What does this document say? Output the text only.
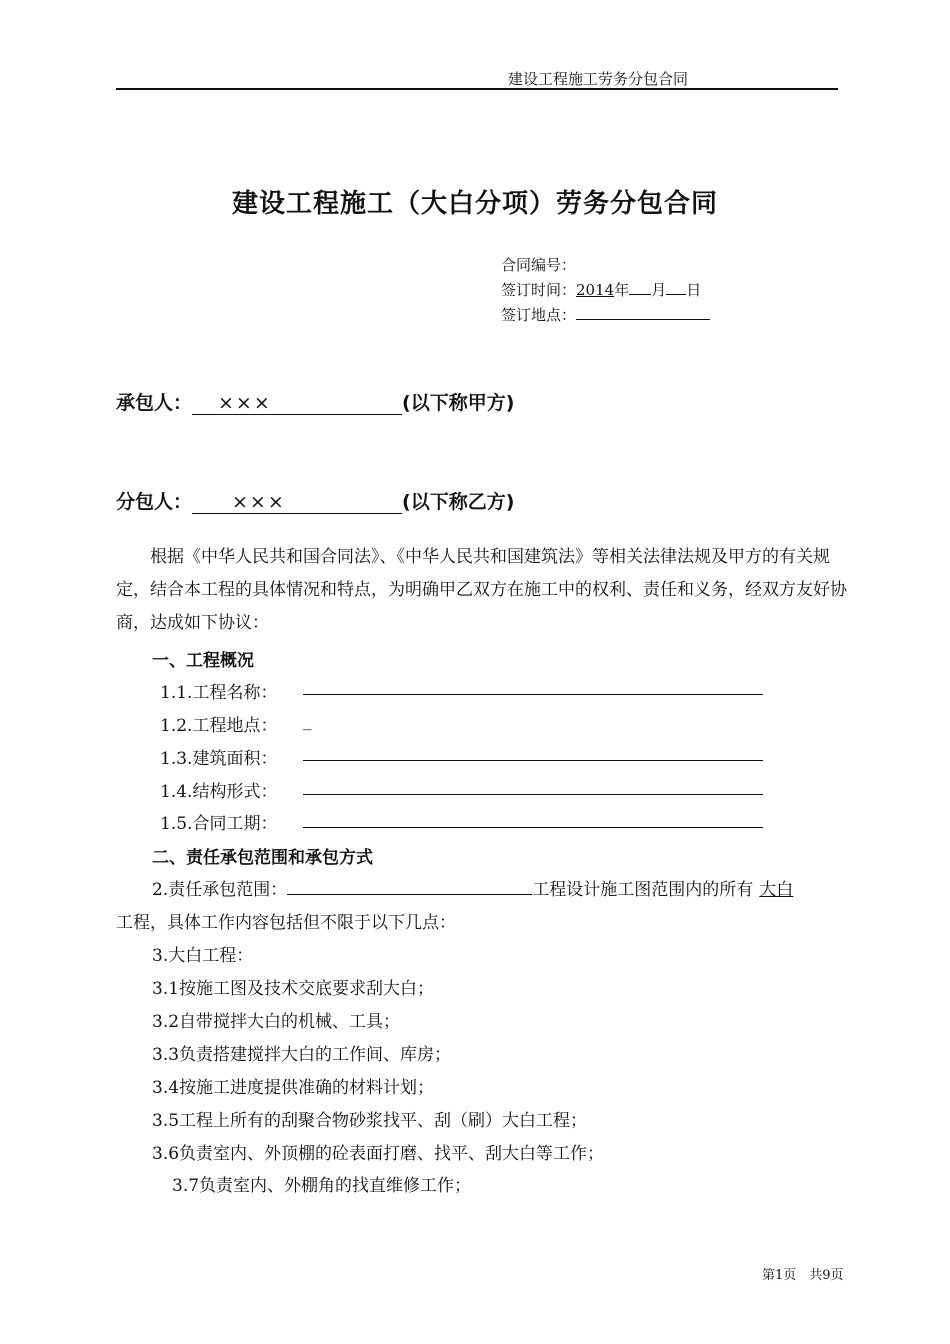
建设工程施工劳务分包合同
建设工程施工（大白分项）劳务分包合同
合同编号：
签订时间：2014年 月 日
签订地点：
承包人： ×××	(以下称甲方)
分包人： ×××	(以下称乙方)
根据《中华人民共和国合同法》、《中华人民共和国建筑法》等相关法律法规及甲方的有关规定，结合本工程的具体情况和特点，为明确甲乙双方在施工中的权利、责任和义务，经双方友好协商，达成如下协议：
一、工程概况
1.1.工程名称：
1.2.工程地点： _
1.3.建筑面积：
1.4.结构形式：
1.5.合同工期：
二、责任承包范围和承包方式
2.责任承包范围：	工程设计施工图范围内的所有 大白
工程，具体工作内容包括但不限于以下几点：
3.大白工程：
3.1按施工图及技术交底要求刮大白；
3.2自带搅拌大白的机械、工具；
3.3负责搭建搅拌大白的工作间、库房；
3.4按施工进度提供准确的材料计划；
3.5工程上所有的刮聚合物砂浆找平、刮（刷）大白工程；
3.6负责室内、外顶棚的砼表面打磨、找平、刮大白等工作；
3.7负责室内、外棚角的找直维修工作；
第1页　共9页
